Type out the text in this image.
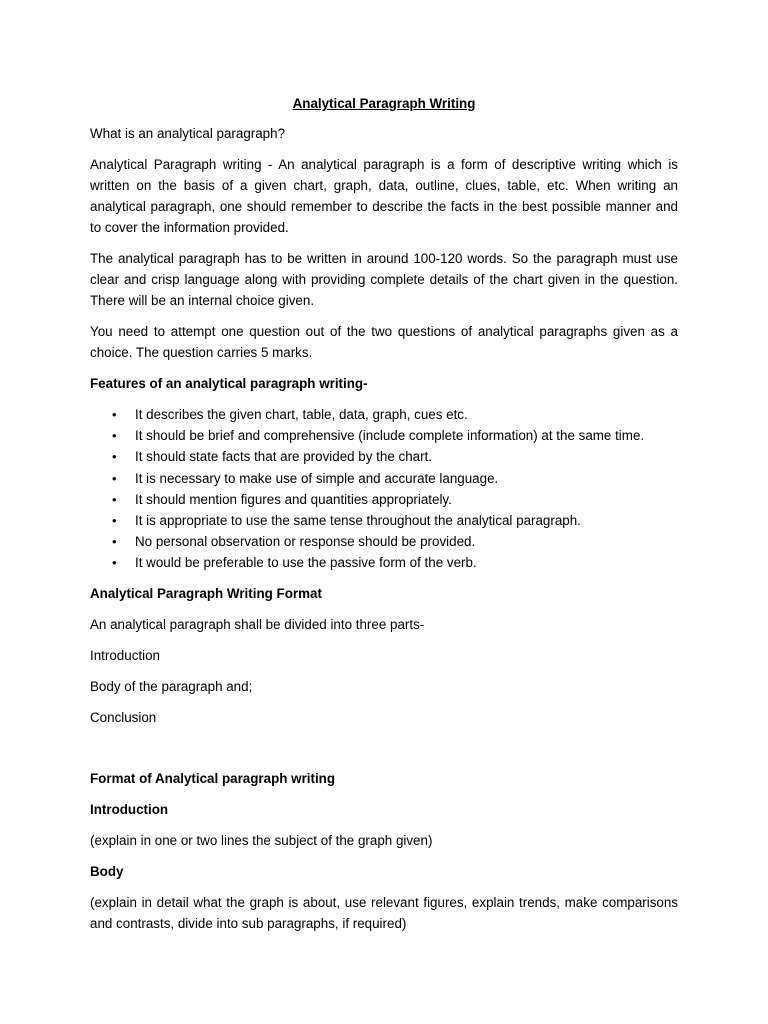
Analytical Paragraph Writing

What is an analytical paragraph?

Analytical Paragraph writing - An analytical paragraph is a form of descriptive writing which is written on the basis of a given chart, graph, data, outline, clues, table, etc. When writing an analytical paragraph, one should remember to describe the facts in the best possible manner and to cover the information provided.

The analytical paragraph has to be written in around 100-120 words. So the paragraph must use clear and crisp language along with providing complete details of the chart given in the question. There will be an internal choice given.

You need to attempt one question out of the two questions of analytical paragraphs given as a choice. The question carries 5 marks.

Features of an analytical paragraph writing-

• It describes the given chart, table, data, graph, cues etc.
• It should be brief and comprehensive (include complete information) at the same time.
• It should state facts that are provided by the chart.
• It is necessary to make use of simple and accurate language.
• It should mention figures and quantities appropriately.
• It is appropriate to use the same tense throughout the analytical paragraph.
• No personal observation or response should be provided.
• It would be preferable to use the passive form of the verb.

Analytical Paragraph Writing Format

An analytical paragraph shall be divided into three parts-

Introduction

Body of the paragraph and;

Conclusion

Format of Analytical paragraph writing

Introduction

(explain in one or two lines the subject of the graph given)

Body

(explain in detail what the graph is about, use relevant figures, explain trends, make comparisons and contrasts, divide into sub paragraphs, if required)
